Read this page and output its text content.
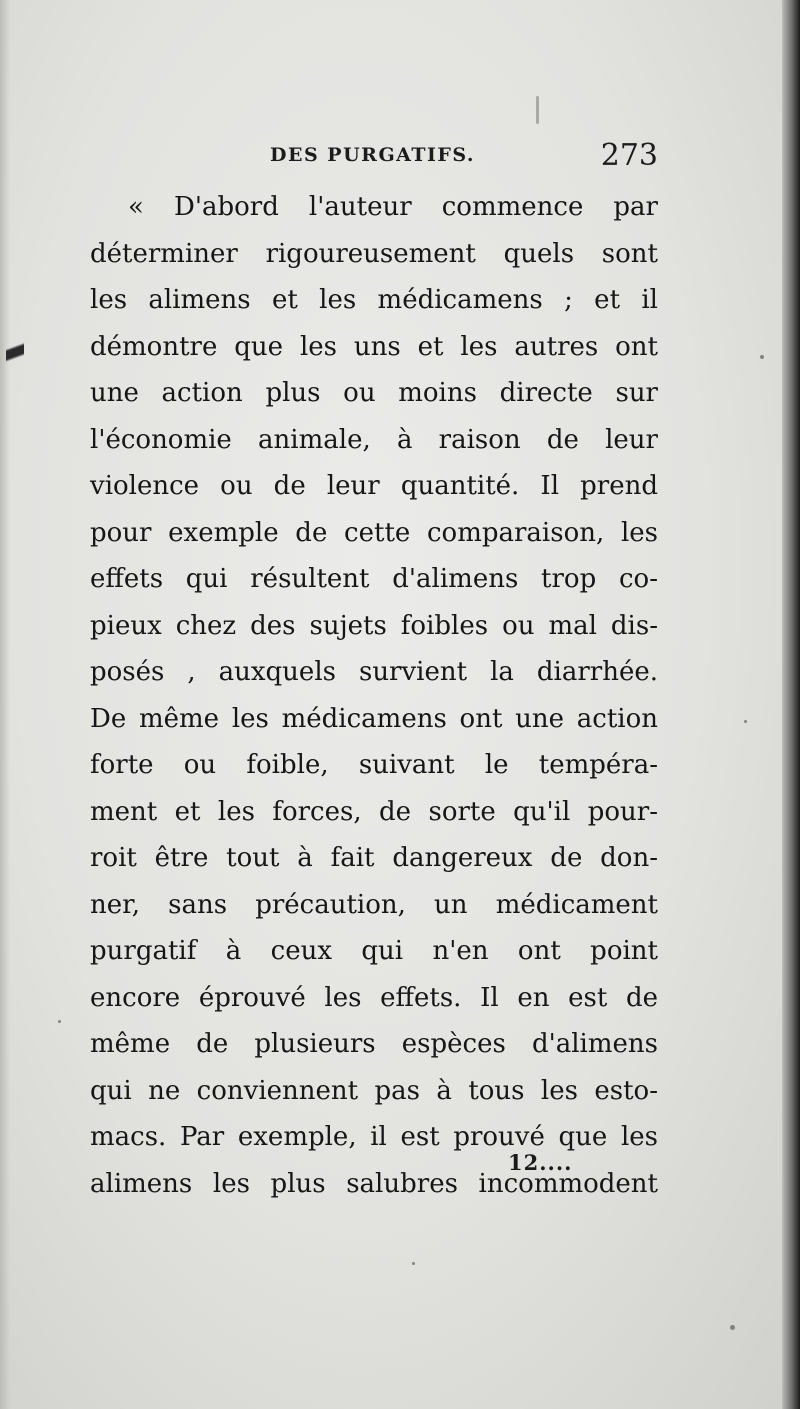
DES PURGATIFS.	273
« D'abord l'auteur commence par
déterminer rigoureusement quels sont
les alimens et les médicamens ; et il
démontre que les uns et les autres ont
une action plus ou moins directe sur
l'économie animale, à raison de leur
violence ou de leur quantité. Il prend
pour exemple de cette comparaison, les
effets qui résultent d'alimens trop co-
pieux chez des sujets foibles ou mal dis-
posés , auxquels survient la diarrhée.
De même les médicamens ont une action
forte ou foible, suivant le tempéra-
ment et les forces, de sorte qu'il pour-
roit être tout à fait dangereux de don-
ner, sans précaution, un médicament
purgatif à ceux qui n'en ont point
encore éprouvé les effets. Il en est de
même de plusieurs espèces d'alimens
qui ne conviennent pas à tous les esto-
macs. Par exemple, il est prouvé que les
alimens les plus salubres incommodent
12....
